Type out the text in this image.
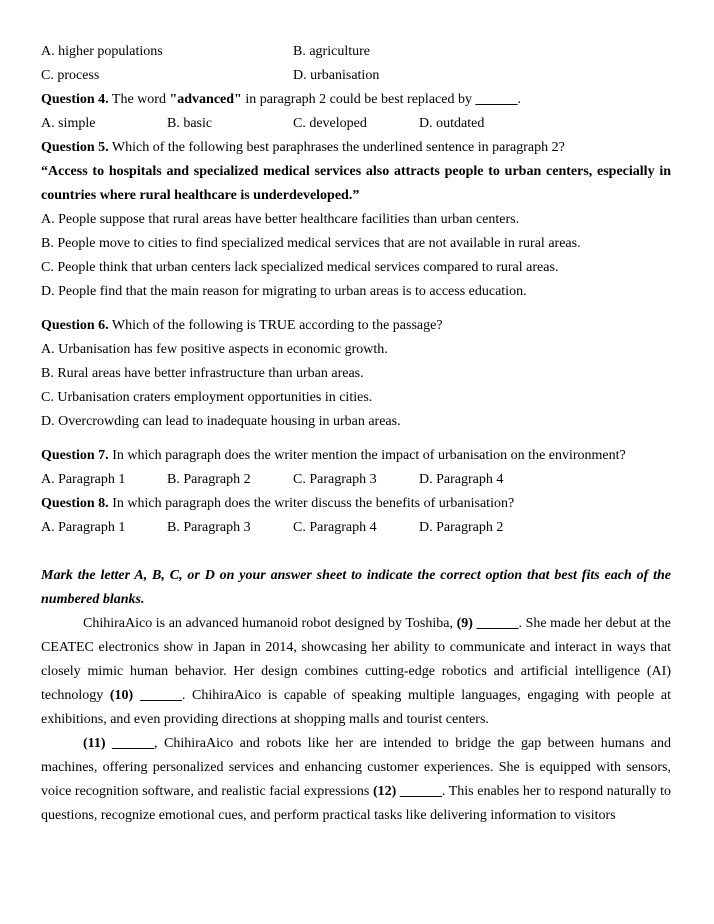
A. higher populations	B. agriculture
C. process	D. urbanisation
Question 4. The word "advanced" in paragraph 2 could be best replaced by ______.
A. simple	B. basic	C. developed	D. outdated
Question 5. Which of the following best paraphrases the underlined sentence in paragraph 2?
“Access to hospitals and specialized medical services also attracts people to urban centers, especially in countries where rural healthcare is underdeveloped.”
A. People suppose that rural areas have better healthcare facilities than urban centers.
B. People move to cities to find specialized medical services that are not available in rural areas.
C. People think that urban centers lack specialized medical services compared to rural areas.
D. People find that the main reason for migrating to urban areas is to access education.
Question 6. Which of the following is TRUE according to the passage?
A. Urbanisation has few positive aspects in economic growth.
B. Rural areas have better infrastructure than urban areas.
C. Urbanisation craters employment opportunities in cities.
D. Overcrowding can lead to inadequate housing in urban areas.
Question 7. In which paragraph does the writer mention the impact of urbanisation on the environment?
A. Paragraph 1	B. Paragraph 2	C. Paragraph 3	D. Paragraph 4
Question 8. In which paragraph does the writer discuss the benefits of urbanisation?
A. Paragraph 1	B. Paragraph 3	C. Paragraph 4	D. Paragraph 2
Mark the letter A, B, C, or D on your answer sheet to indicate the correct option that best fits each of the numbered blanks.

ChihiraAico is an advanced humanoid robot designed by Toshiba, (9) ______. She made her debut at the CEATEC electronics show in Japan in 2014, showcasing her ability to communicate and interact in ways that closely mimic human behavior. Her design combines cutting-edge robotics and artificial intelligence (AI) technology (10) ______. ChihiraAico is capable of speaking multiple languages, engaging with people at exhibitions, and even providing directions at shopping malls and tourist centers.

(11) ______, ChihiraAico and robots like her are intended to bridge the gap between humans and machines, offering personalized services and enhancing customer experiences. She is equipped with sensors, voice recognition software, and realistic facial expressions (12) ______. This enables her to respond naturally to questions, recognize emotional cues, and perform practical tasks like delivering information to visitors
